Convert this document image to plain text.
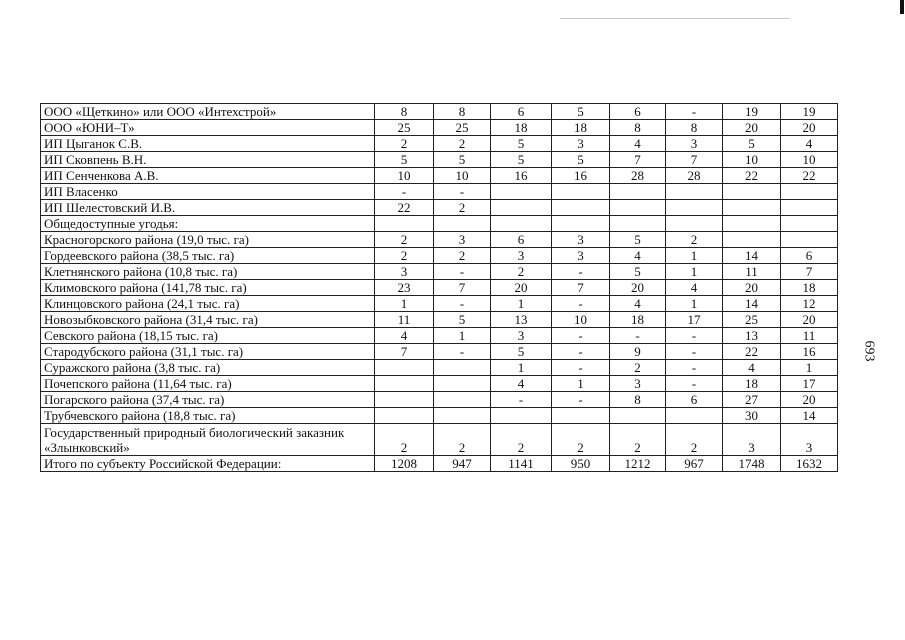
ООО «Щеткино» или ООО «Интехстрой»	8	8	6	5	6	-	19	19
ООО «ЮНИ–Т»	25	25	18	18	8	8	20	20
ИП Цыганок С.В.	2	2	5	3	4	3	5	4
ИП Сковпень В.Н.	5	5	5	5	7	7	10	10
ИП Сенченкова А.В.	10	10	16	16	28	28	22	22
ИП Власенко	-	-						
ИП Шелестовский И.В.	22	2						
Общедоступные угодья:								
Красногорского района (19,0 тыс. га)	2	3	6	3	5	2		
Гордеевского района (38,5 тыс. га)	2	2	3	3	4	1	14	6
Клетнянского района (10,8 тыс. га)	3	-	2	-	5	1	11	7
Климовского района (141,78 тыс. га)	23	7	20	7	20	4	20	18
Клинцовского района (24,1 тыс. га)	1	-	1	-	4	1	14	12
Новозыбковского района (31,4 тыс. га)	11	5	13	10	18	17	25	20
Севского района (18,15 тыс. га)	4	1	3	-	-	-	13	11
Стародубского района (31,1 тыс. га)	7	-	5	-	9	-	22	16
Суражского района (3,8 тыс. га)			1	-	2	-	4	1
Почепского района (11,64 тыс. га)			4	1	3	-	18	17
Погарского района (37,4 тыс. га)			-	-	8	6	27	20
Трубчевского района (18,8 тыс. га)							30	14
Государственный природный биологический заказник «Злынковский»	2	2	2	2	2	2	3	3
Итого по субъекту Российской Федерации:	1208	947	1141	950	1212	967	1748	1632
693
